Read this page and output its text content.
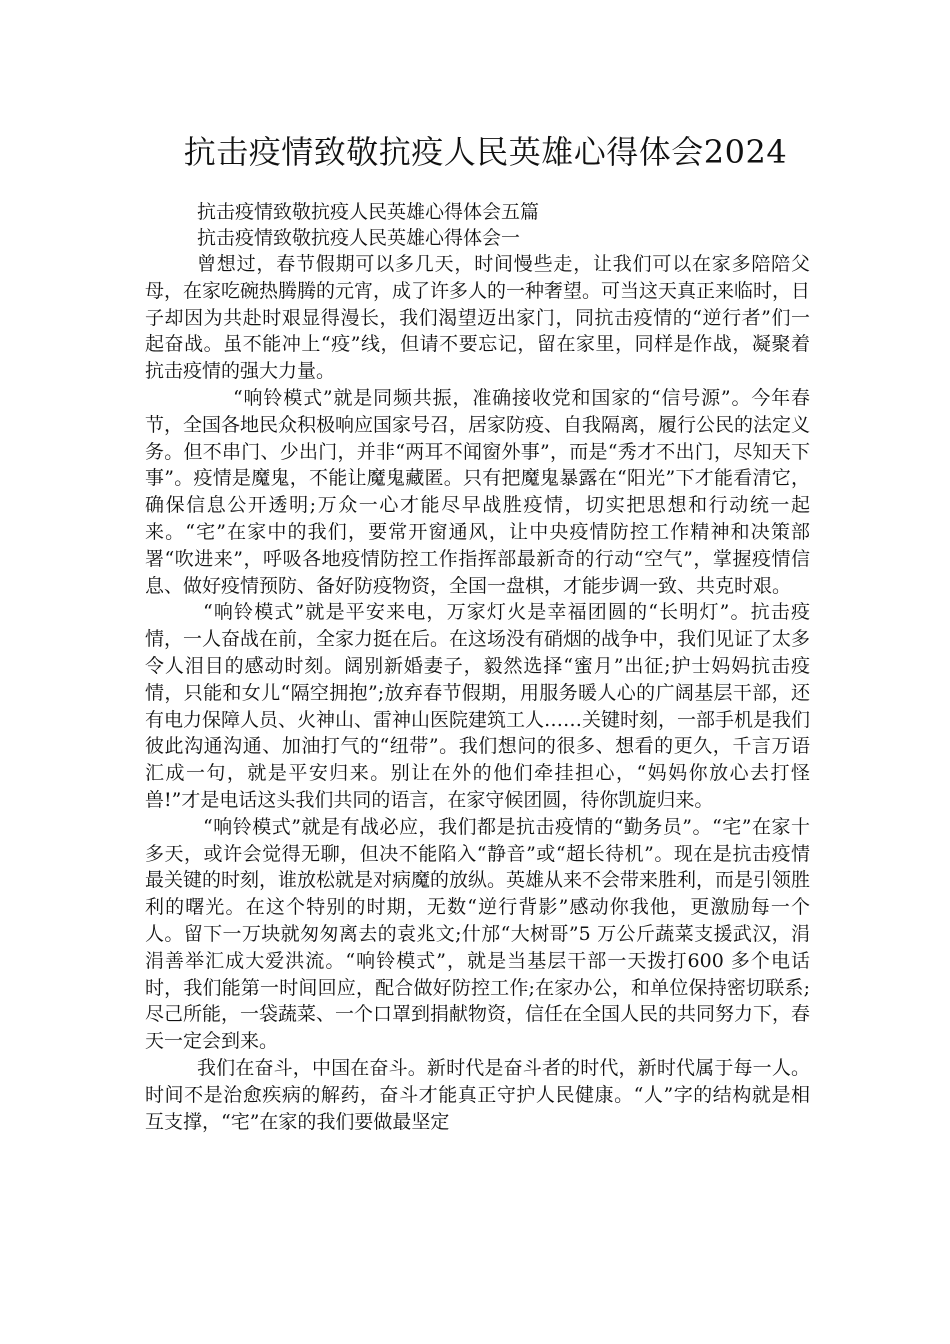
抗击疫情致敬抗疫人民英雄心得体会2024

抗击疫情致敬抗疫人民英雄心得体会五篇

抗击疫情致敬抗疫人民英雄心得体会一

曾想过，春节假期可以多几天，时间慢些走，让我们可以在家多陪陪父母，在家吃碗热腾腾的元宵，成了许多人的一种奢望。可当这天真正来临时，日子却因为共赴时艰显得漫长，我们渴望迈出家门，同抗击疫情的“逆行者”们一起奋战。虽不能冲上“疫”线，但请不要忘记，留在家里，同样是作战，凝聚着抗击疫情的强大力量。

“响铃模式”就是同频共振，准确接收党和国家的“信号源”。今年春节，全国各地民众积极响应国家号召，居家防疫、自我隔离，履行公民的法定义务。但不串门、少出门，并非“两耳不闻窗外事”，而是“秀才不出门，尽知天下事”。疫情是魔鬼，不能让魔鬼藏匿。只有把魔鬼暴露在“阳光”下才能看清它，确保信息公开透明;万众一心才能尽早战胜疫情，切实把思想和行动统一起来。“宅”在家中的我们，要常开窗通风，让中央疫情防控工作精神和决策部署“吹进来”，呼吸各地疫情防控工作指挥部最新奇的行动“空气”，掌握疫情信息、做好疫情预防、备好防疫物资，全国一盘棋，才能步调一致、共克时艰。

“响铃模式”就是平安来电，万家灯火是幸福团圆的“长明灯”。抗击疫情，一人奋战在前，全家力挺在后。在这场没有硝烟的战争中，我们见证了太多令人泪目的感动时刻。阔别新婚妻子，毅然选择“蜜月”出征;护士妈妈抗击疫情，只能和女儿“隔空拥抱”;放弃春节假期，用服务暖人心的广阔基层干部，还有电力保障人员、火神山、雷神山医院建筑工人……关键时刻，一部手机是我们彼此沟通沟通、加油打气的“纽带”。我们想问的很多、想看的更久，千言万语汇成一句，就是平安归来。别让在外的他们牵挂担心，“妈妈你放心去打怪兽!”才是电话这头我们共同的语言，在家守候团圆，待你凯旋归来。

“响铃模式”就是有战必应，我们都是抗击疫情的“勤务员”。“宅”在家十多天，或许会觉得无聊，但决不能陷入“静音”或“超长待机”。现在是抗击疫情最关键的时刻，谁放松就是对病魔的放纵。英雄从来不会带来胜利，而是引领胜利的曙光。在这个特别的时期，无数“逆行背影”感动你我他，更激励每一个人。留下一万块就匆匆离去的袁兆文;什邡“大树哥”5 万公斤蔬菜支援武汉，涓涓善举汇成大爱洪流。“响铃模式”，就是当基层干部一天拨打600 多个电话时，我们能第一时间回应，配合做好防控工作;在家办公，和单位保持密切联系;尽己所能，一袋蔬菜、一个口罩到捐献物资，信任在全国人民的共同努力下，春天一定会到来。

我们在奋斗，中国在奋斗。新时代是奋斗者的时代，新时代属于每一人。时间不是治愈疾病的解药，奋斗才能真正守护人民健康。“人”字的结构就是相互支撑，“宅”在家的我们要做最坚定
